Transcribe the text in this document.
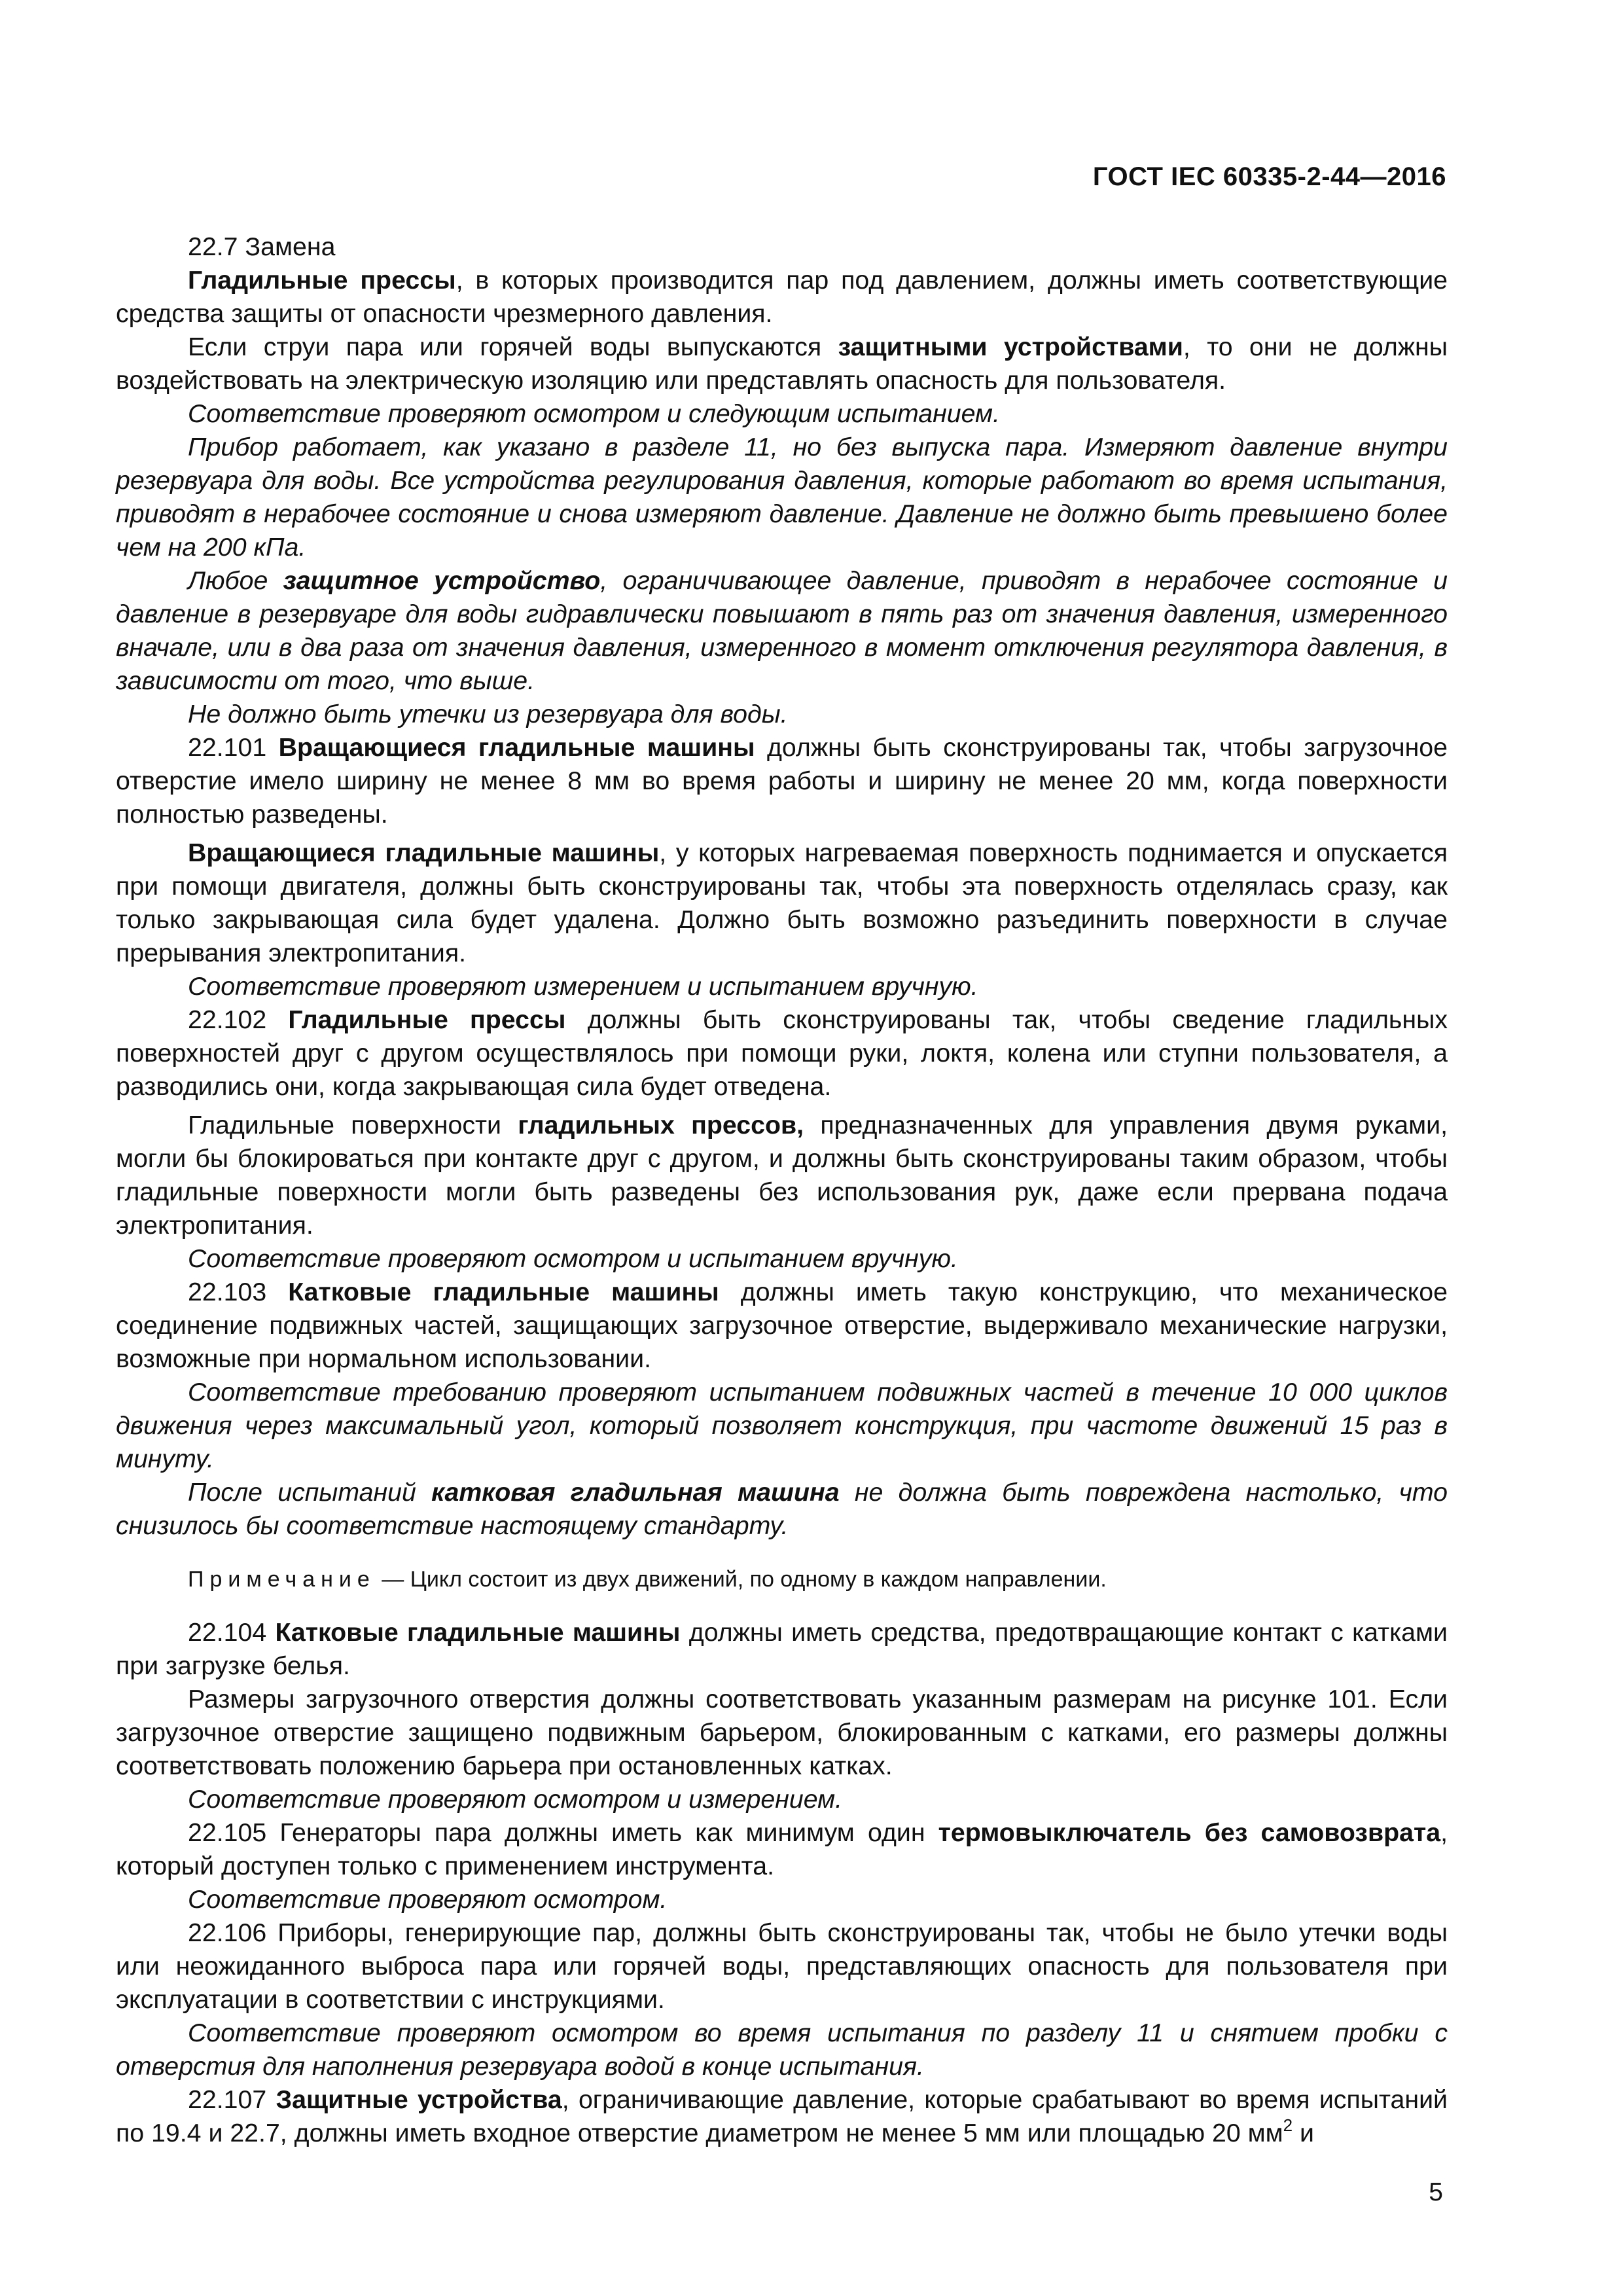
ГОСТ IEC 60335-2-44—2016

22.7 Замена

Гладильные прессы, в которых производится пар под давлением, должны иметь соответствующие средства защиты от опасности чрезмерного давления.

Если струи пара или горячей воды выпускаются защитными устройствами, то они не должны воздействовать на электрическую изоляцию или представлять опасность для пользователя.

Соответствие проверяют осмотром и следующим испытанием.

Прибор работает, как указано в разделе 11, но без выпуска пара. Измеряют давление внутри резервуара для воды. Все устройства регулирования давления, которые работают во время испытания, приводят в нерабочее состояние и снова измеряют давление. Давление не должно быть превышено более чем на 200 кПа.

Любое защитное устройство, ограничивающее давление, приводят в нерабочее состояние и давление в резервуаре для воды гидравлически повышают в пять раз от значения давления, измеренного вначале, или в два раза от значения давления, измеренного в момент отключения регулятора давления, в зависимости от того, что выше.

Не должно быть утечки из резервуара для воды.

22.101 Вращающиеся гладильные машины должны быть сконструированы так, чтобы загрузочное отверстие имело ширину не менее 8 мм во время работы и ширину не менее 20 мм, когда поверхности полностью разведены.

Вращающиеся гладильные машины, у которых нагреваемая поверхность поднимается и опускается при помощи двигателя, должны быть сконструированы так, чтобы эта поверхность отделялась сразу, как только закрывающая сила будет удалена. Должно быть возможно разъединить поверхности в случае прерывания электропитания.

Соответствие проверяют измерением и испытанием вручную.

22.102 Гладильные прессы должны быть сконструированы так, чтобы сведение гладильных поверхностей друг с другом осуществлялось при помощи руки, локтя, колена или ступни пользователя, а разводились они, когда закрывающая сила будет отведена.

Гладильные поверхности гладильных прессов, предназначенных для управления двумя руками, могли бы блокироваться при контакте друг с другом, и должны быть сконструированы таким образом, чтобы гладильные поверхности могли быть разведены без использования рук, даже если прервана подача электропитания.

Соответствие проверяют осмотром и испытанием вручную.

22.103 Катковые гладильные машины должны иметь такую конструкцию, что механическое соединение подвижных частей, защищающих загрузочное отверстие, выдерживало механические нагрузки, возможные при нормальном использовании.

Соответствие требованию проверяют испытанием подвижных частей в течение 10 000 циклов движения через максимальный угол, который позволяет конструкция, при частоте движений 15 раз в минуту.

После испытаний катковая гладильная машина не должна быть повреждена настолько, что снизилось бы соответствие настоящему стандарту.

Примечание — Цикл состоит из двух движений, по одному в каждом направлении.

22.104 Катковые гладильные машины должны иметь средства, предотвращающие контакт с катками при загрузке белья.

Размеры загрузочного отверстия должны соответствовать указанным размерам на рисунке 101. Если загрузочное отверстие защищено подвижным барьером, блокированным с катками, его размеры должны соответствовать положению барьера при остановленных катках.

Соответствие проверяют осмотром и измерением.

22.105 Генераторы пара должны иметь как минимум один термовыключатель без самовозврата, который доступен только с применением инструмента.

Соответствие проверяют осмотром.

22.106 Приборы, генерирующие пар, должны быть сконструированы так, чтобы не было утечки воды или неожиданного выброса пара или горячей воды, представляющих опасность для пользователя при эксплуатации в соответствии с инструкциями.

Соответствие проверяют осмотром во время испытания по разделу 11 и снятием пробки с отверстия для наполнения резервуара водой в конце испытания.

22.107 Защитные устройства, ограничивающие давление, которые срабатывают во время испытаний по 19.4 и 22.7, должны иметь входное отверстие диаметром не менее 5 мм или площадью 20 $мм^2$ и

5
